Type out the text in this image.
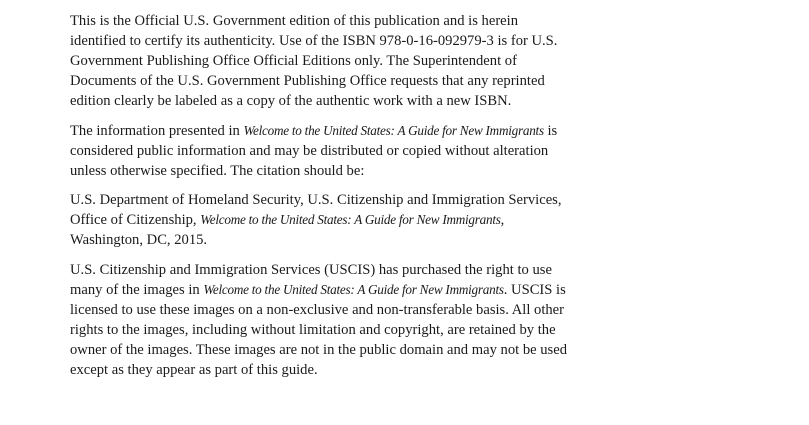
This is the Official U.S. Government edition of this publication and is herein identified to certify its authenticity. Use of the ISBN 978-0-16-092979-3 is for U.S. Government Publishing Office Official Editions only. The Superintendent of Documents of the U.S. Government Publishing Office requests that any reprinted edition clearly be labeled as a copy of the authentic work with a new ISBN.

The information presented in Welcome to the United States: A Guide for New Immigrants is considered public information and may be distributed or copied without alteration unless otherwise specified. The citation should be:

U.S. Department of Homeland Security, U.S. Citizenship and Immigration Services, Office of Citizenship, Welcome to the United States: A Guide for New Immigrants, Washington, DC, 2015.

U.S. Citizenship and Immigration Services (USCIS) has purchased the right to use many of the images in Welcome to the United States: A Guide for New Immigrants. USCIS is licensed to use these images on a non-exclusive and non-transferable basis. All other rights to the images, including without limitation and copyright, are retained by the owner of the images. These images are not in the public domain and may not be used except as they appear as part of this guide.
